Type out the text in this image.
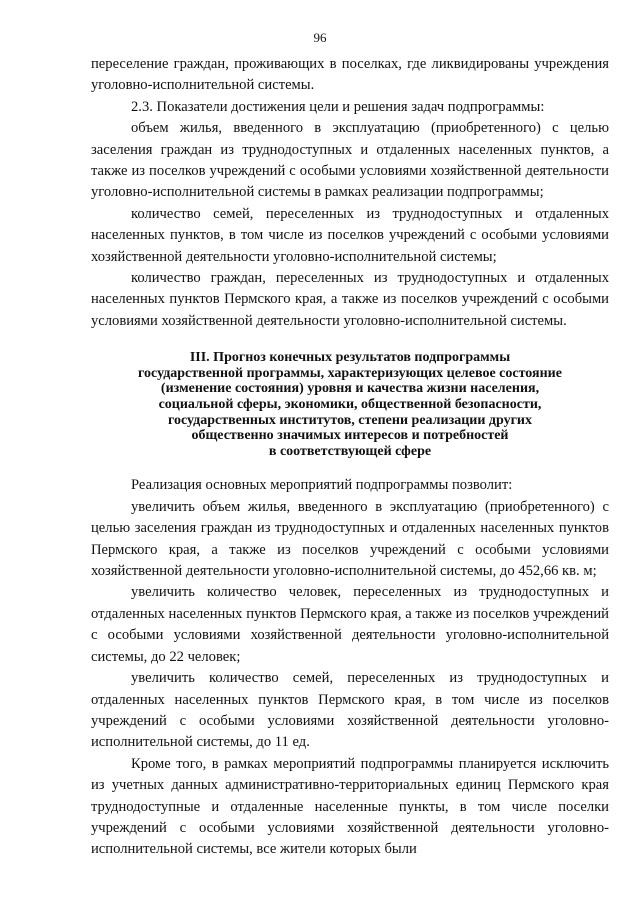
96

переселение граждан, проживающих в поселках, где ликвидированы учреждения уголовно-исполнительной системы.

2.3. Показатели достижения цели и решения задач подпрограммы:

объем жилья, введенного в эксплуатацию (приобретенного) с целью заселения граждан из труднодоступных и отдаленных населенных пунктов, а также из поселков учреждений с особыми условиями хозяйственной деятельности уголовно-исполнительной системы в рамках реализации подпрограммы;

количество семей, переселенных из труднодоступных и отдаленных населенных пунктов, в том числе из поселков учреждений с особыми условиями хозяйственной деятельности уголовно-исполнительной системы;

количество граждан, переселенных из труднодоступных и отдаленных населенных пунктов Пермского края, а также из поселков учреждений с особыми условиями хозяйственной деятельности уголовно-исполнительной системы.

III. Прогноз конечных результатов подпрограммы
государственной программы, характеризующих целевое состояние
(изменение состояния) уровня и качества жизни населения,
социальной сферы, экономики, общественной безопасности,
государственных институтов, степени реализации других
общественно значимых интересов и потребностей
в соответствующей сфере

Реализация основных мероприятий подпрограммы позволит:

увеличить объем жилья, введенного в эксплуатацию (приобретенного) с целью заселения граждан из труднодоступных и отдаленных населенных пунктов Пермского края, а также из поселков учреждений с особыми условиями хозяйственной деятельности уголовно-исполнительной системы, до 452,66 кв. м;

увеличить количество человек, переселенных из труднодоступных и отдаленных населенных пунктов Пермского края, а также из поселков учреждений с особыми условиями хозяйственной деятельности уголовно-исполнительной системы, до 22 человек;

увеличить количество семей, переселенных из труднодоступных и отдаленных населенных пунктов Пермского края, в том числе из поселков учреждений с особыми условиями хозяйственной деятельности уголовно-исполнительной системы, до 11 ед.

Кроме того, в рамках мероприятий подпрограммы планируется исключить из учетных данных административно-территориальных единиц Пермского края труднодоступные и отдаленные населенные пункты, в том числе поселки учреждений с особыми условиями хозяйственной деятельности уголовно-исполнительной системы, все жители которых были
